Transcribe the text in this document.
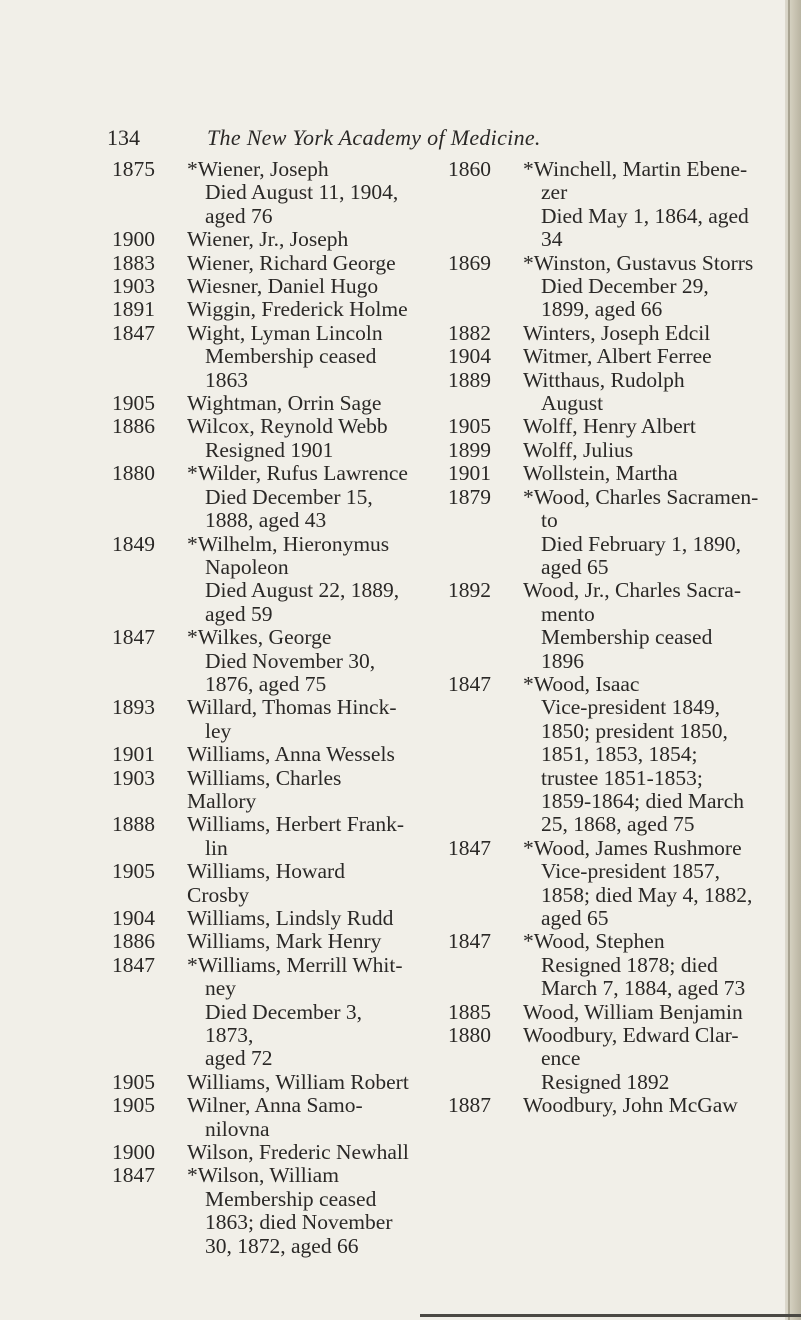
134	The New York Academy of Medicine.
1875 *Wiener, Joseph
Died August 11, 1904,
aged 76
1900 Wiener, Jr., Joseph
1883 Wiener, Richard George
1903 Wiesner, Daniel Hugo
1891 Wiggin, Frederick Holme
1847 Wight, Lyman Lincoln
Membership ceased
1863
1905 Wightman, Orrin Sage
1886 Wilcox, Reynold Webb
Resigned 1901
1880 *Wilder, Rufus Lawrence
Died December 15,
1888, aged 43
1849 *Wilhelm, Hieronymus
Napoleon
Died August 22, 1889,
aged 59
1847 *Wilkes, George
Died November 30,
1876, aged 75
1893 Willard, Thomas Hinck-
ley
1901 Williams, Anna Wessels
1903 Williams, Charles Mallory
1888 Williams, Herbert Frank-
lin
1905 Williams, Howard Crosby
1904 Williams, Lindsly Rudd
1886 Williams, Mark Henry
1847 *Williams, Merrill Whit-
ney
Died December 3, 1873,
aged 72
1905 Williams, William Robert
1905 Wilner, Anna Samo-
nilovna
1900 Wilson, Frederic Newhall
1847 *Wilson, William
Membership ceased
1863; died November
30, 1872, aged 66
1860 *Winchell, Martin Ebene-
zer
Died May 1, 1864, aged
34
1869 *Winston, Gustavus Storrs
Died December 29,
1899, aged 66
1882 Winters, Joseph Edcil
1904 Witmer, Albert Ferree
1889 Witthaus, Rudolph
August
1905 Wolff, Henry Albert
1899 Wolff, Julius
1901 Wollstein, Martha
1879 *Wood, Charles Sacramen-
to
Died February 1, 1890,
aged 65
1892 Wood, Jr., Charles Sacra-
mento
Membership ceased
1896
1847 *Wood, Isaac
Vice-president 1849,
1850; president 1850,
1851, 1853, 1854;
trustee 1851-1853;
1859-1864; died March
25, 1868, aged 75
1847 *Wood, James Rushmore
Vice-president 1857,
1858; died May 4, 1882,
aged 65
1847 *Wood, Stephen
Resigned 1878; died
March 7, 1884, aged 73
1885 Wood, William Benjamin
1880 Woodbury, Edward Clar-
ence
Resigned 1892
1887 Woodbury, John McGaw
